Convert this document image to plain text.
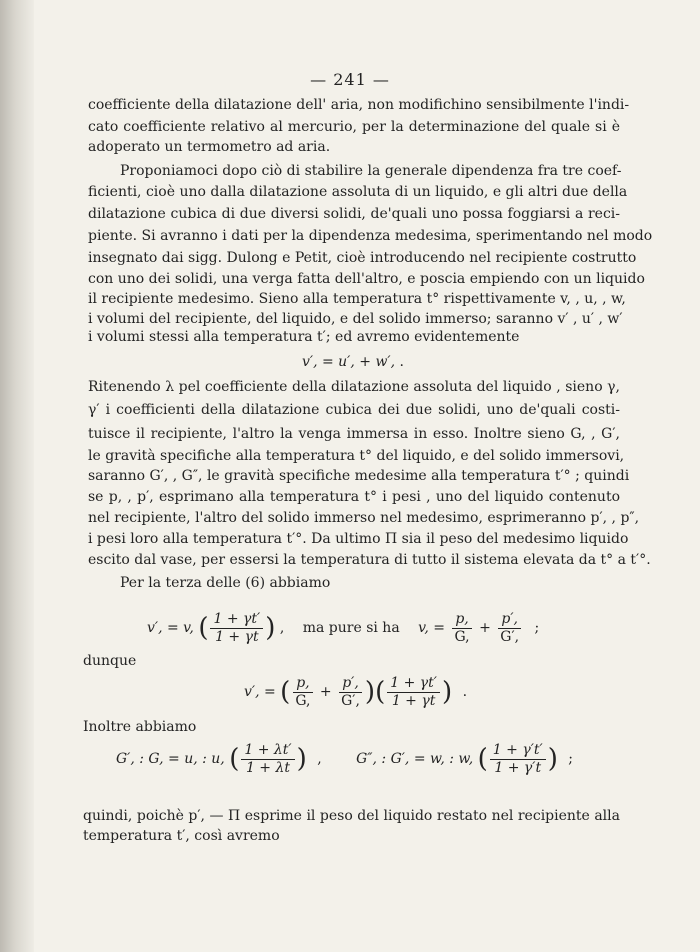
— 241 —
coefficiente della dilatazione dell' aria, non modifichino sensibilmente l'indi-
cato coefficiente relativo al mercurio, per la determinazione del quale si è
adoperato un termometro ad aria.
Proponiamoci dopo ciò di stabilire la generale dipendenza fra tre coef-
ficienti, cioè uno dalla dilatazione assoluta di un liquido, e gli altri due della
dilatazione cubica di due diversi solidi, de'quali uno possa foggiarsi a reci-
piente. Si avranno i dati per la dipendenza medesima, sperimentando nel modo
insegnato dai sigg. Dulong e Petit, cioè introducendo nel recipiente costrutto
con uno dei solidi, una verga fatta dell'altro, e poscia empiendo con un liquido
il recipiente medesimo. Sieno alla temperatura t° rispettivamente v, , u, , w,
i volumi del recipiente, del liquido, e del solido immerso; saranno v′ , u′ , w′
i volumi stessi alla temperatura t′; ed avremo evidentemente
v′, = u′, + w′, .
Ritenendo λ pel coefficiente della dilatazione assoluta del liquido , sieno γ,
γ′ i coefficienti della dilatazione cubica dei due solidi, uno de'quali costi-
tuisce il recipiente, l'altro la venga immersa in esso. Inoltre sieno G, , G′,
le gravità specifiche alla temperatura t° del liquido, e del solido immersovi,
saranno G′, , G″, le gravità specifiche medesime alla temperatura t′° ; quindi
se p, , p′, esprimano alla temperatura t° i pesi , uno del liquido contenuto
nel recipiente, l'altro del solido immerso nel medesimo, esprimeranno p′, , p″,
i pesi loro alla temperatura t′°. Da ultimo Π sia il peso del medesimo liquido
escito dal vase, per essersi la temperatura di tutto il sistema elevata da t° a t′°.
Per la terza delle (6) abbiamo
v′, = v, ( $\frac{1 + \gamma t'}{1 + \gamma t}$ ) , ma pure si ha v, = $\frac{p,}{G,} + \frac{p',}{G',}$ ;
dunque
v′, = ( $\frac{p,}{G,} + \frac{p',}{G',}$ )( $\frac{1 + \gamma t'}{1 + \gamma t}$ ) .
Inoltre abbiamo
G′, : G, = u, : u, ( $\frac{1 + \lambda t'}{1 + \lambda t}$ ) , G″, : G′, = w, : w, ( $\frac{1 + \gamma't'}{1 + \gamma't}$ ) ;
quindi, poichè p′, — Π esprime il peso del liquido restato nel recipiente alla
temperatura t′, così avremo
